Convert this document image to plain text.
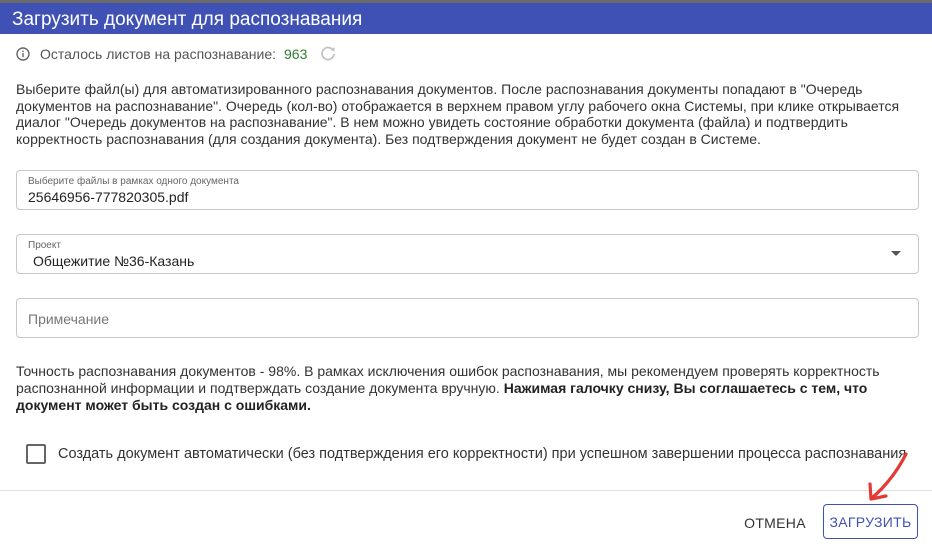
Загрузить документ для распознавания
Осталось листов на распознавание: 963
Выберите файл(ы) для автоматизированного распознавания документов. После распознавания документы попадают в "Очередь документов на распознавание". Очередь (кол-во) отображается в верхнем правом углу рабочего окна Системы, при клике открывается диалог "Очередь документов на распознавание". В нем можно увидеть состояние обработки документа (файла) и подтвердить корректность распознавания (для создания документа). Без подтверждения документ не будет создан в Системе.
Выберите файлы в рамках одного документа
25646956-777820305.pdf
Проект
Общежитие №36-Казань
Примечание
Точность распознавания документов - 98%. В рамках исключения ошибок распознавания, мы рекомендуем проверять корректность распознанной информации и подтверждать создание документа вручную. Нажимая галочку снизу, Вы соглашаетесь с тем, что документ может быть создан с ошибками.
Создать документ автоматически (без подтверждения его корректности) при успешном завершении процесса распознавания
ОТМЕНА	ЗАГРУЗИТЬ
